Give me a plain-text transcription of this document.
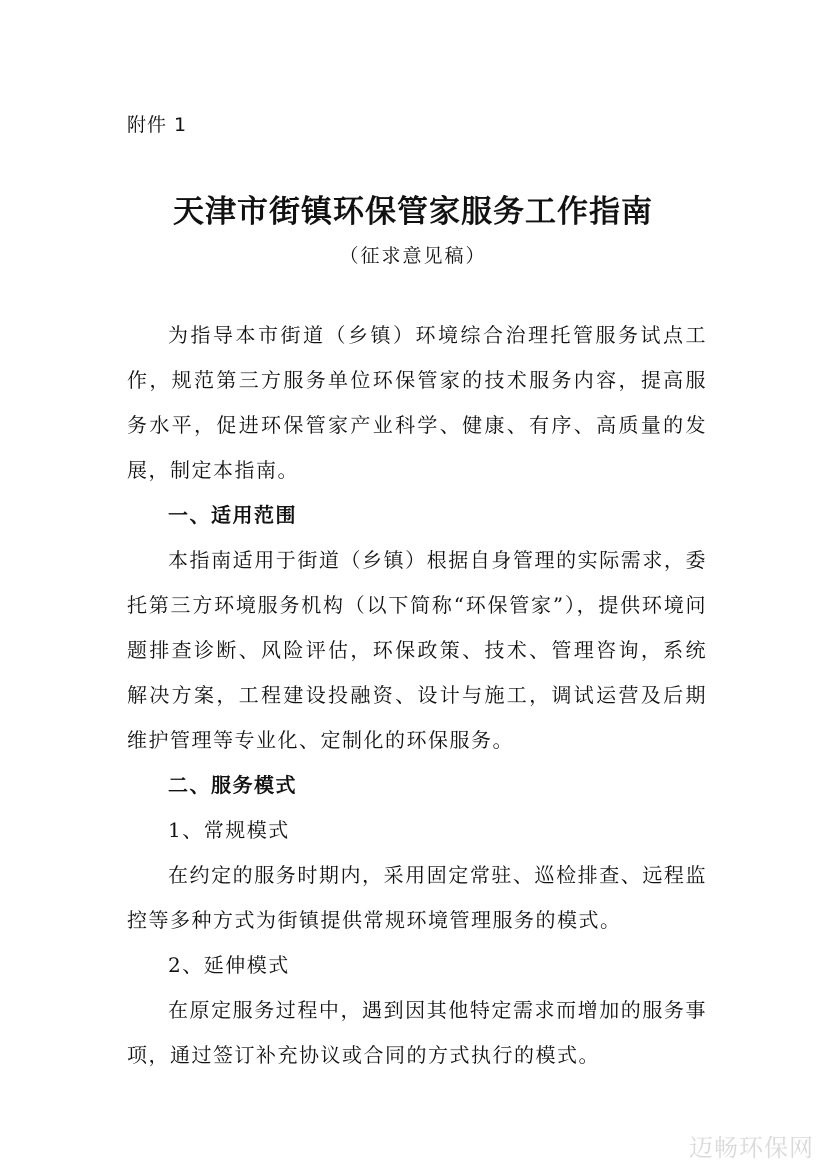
附件 1
天津市街镇环保管家服务工作指南
（征求意见稿）
为指导本市街道（乡镇）环境综合治理托管服务试点工作，规范第三方服务单位环保管家的技术服务内容，提高服务水平，促进环保管家产业科学、健康、有序、高质量的发展，制定本指南。
一、适用范围
本指南适用于街道（乡镇）根据自身管理的实际需求，委托第三方环境服务机构（以下简称“环保管家”），提供环境问题排查诊断、风险评估，环保政策、技术、管理咨询，系统解决方案，工程建设投融资、设计与施工，调试运营及后期维护管理等专业化、定制化的环保服务。
二、服务模式
1、常规模式
在约定的服务时期内，采用固定常驻、巡检排查、远程监控等多种方式为街镇提供常规环境管理服务的模式。
2、延伸模式
在原定服务过程中，遇到因其他特定需求而增加的服务事项，通过签订补充协议或合同的方式执行的模式。
迈畅环保网
